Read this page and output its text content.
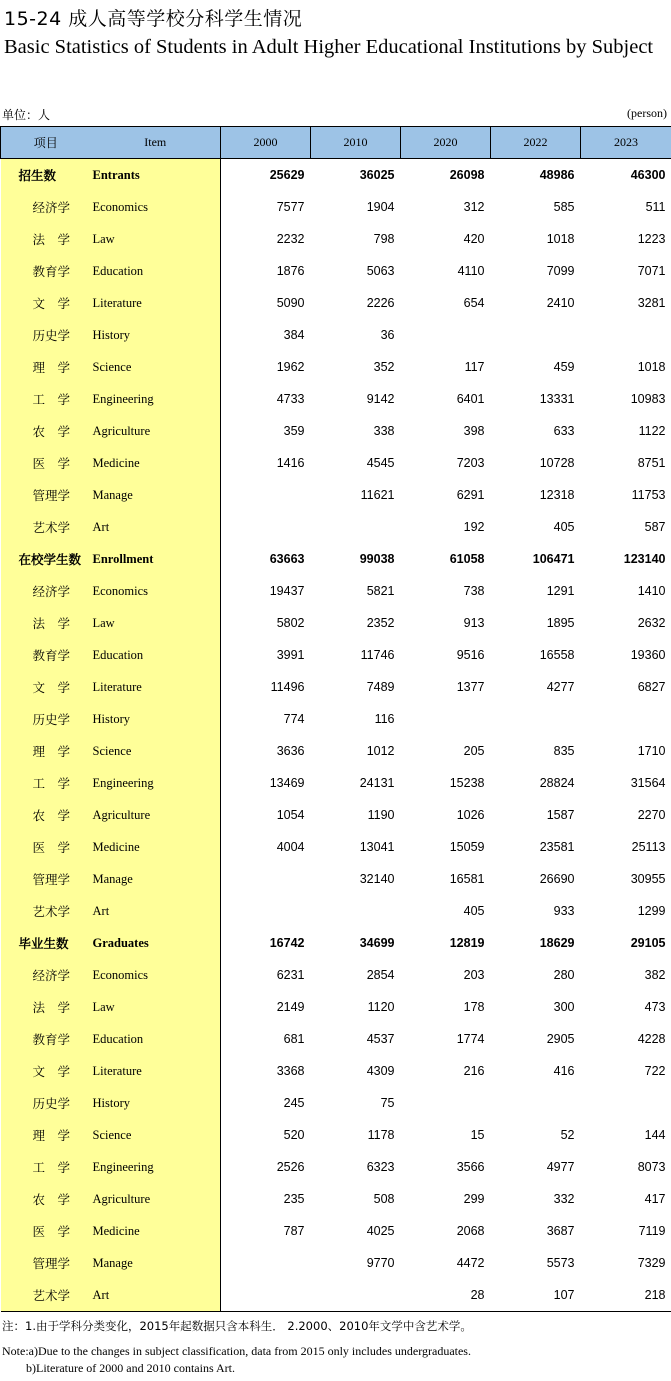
15-24 成人高等学校分科学生情况
Basic Statistics of Students in Adult Higher Educational Institutions by Subject
单位：人	(person)
项目	Item	2000	2010	2020	2022	2023
招生数	Entrants	25629	36025	26098	48986	46300
经济学	Economics	7577	1904	312	585	511
法　学	Law	2232	798	420	1018	1223
教育学	Education	1876	5063	4110	7099	7071
文　学	Literature	5090	2226	654	2410	3281
历史学	History	384	36			
理　学	Science	1962	352	117	459	1018
工　学	Engineering	4733	9142	6401	13331	10983
农　学	Agriculture	359	338	398	633	1122
医　学	Medicine	1416	4545	7203	10728	8751
管理学	Manage		11621	6291	12318	11753
艺术学	Art			192	405	587
在校学生数	Enrollment	63663	99038	61058	106471	123140
经济学	Economics	19437	5821	738	1291	1410
法　学	Law	5802	2352	913	1895	2632
教育学	Education	3991	11746	9516	16558	19360
文　学	Literature	11496	7489	1377	4277	6827
历史学	History	774	116			
理　学	Science	3636	1012	205	835	1710
工　学	Engineering	13469	24131	15238	28824	31564
农　学	Agriculture	1054	1190	1026	1587	2270
医　学	Medicine	4004	13041	15059	23581	25113
管理学	Manage		32140	16581	26690	30955
艺术学	Art			405	933	1299
毕业生数	Graduates	16742	34699	12819	18629	29105
经济学	Economics	6231	2854	203	280	382
法　学	Law	2149	1120	178	300	473
教育学	Education	681	4537	1774	2905	4228
文　学	Literature	3368	4309	216	416	722
历史学	History	245	75			
理　学	Science	520	1178	15	52	144
工　学	Engineering	2526	6323	3566	4977	8073
农　学	Agriculture	235	508	299	332	417
医　学	Medicine	787	4025	2068	3687	7119
管理学	Manage		9770	4472	5573	7329
艺术学	Art			28	107	218
注：1.由于学科分类变化，2015年起数据只含本科生． 2.2000、2010年文学中含艺术学。
Note:a)Due to the changes in subject classification, data from 2015 only includes undergraduates.
b)Literature of 2000 and 2010 contains Art.
